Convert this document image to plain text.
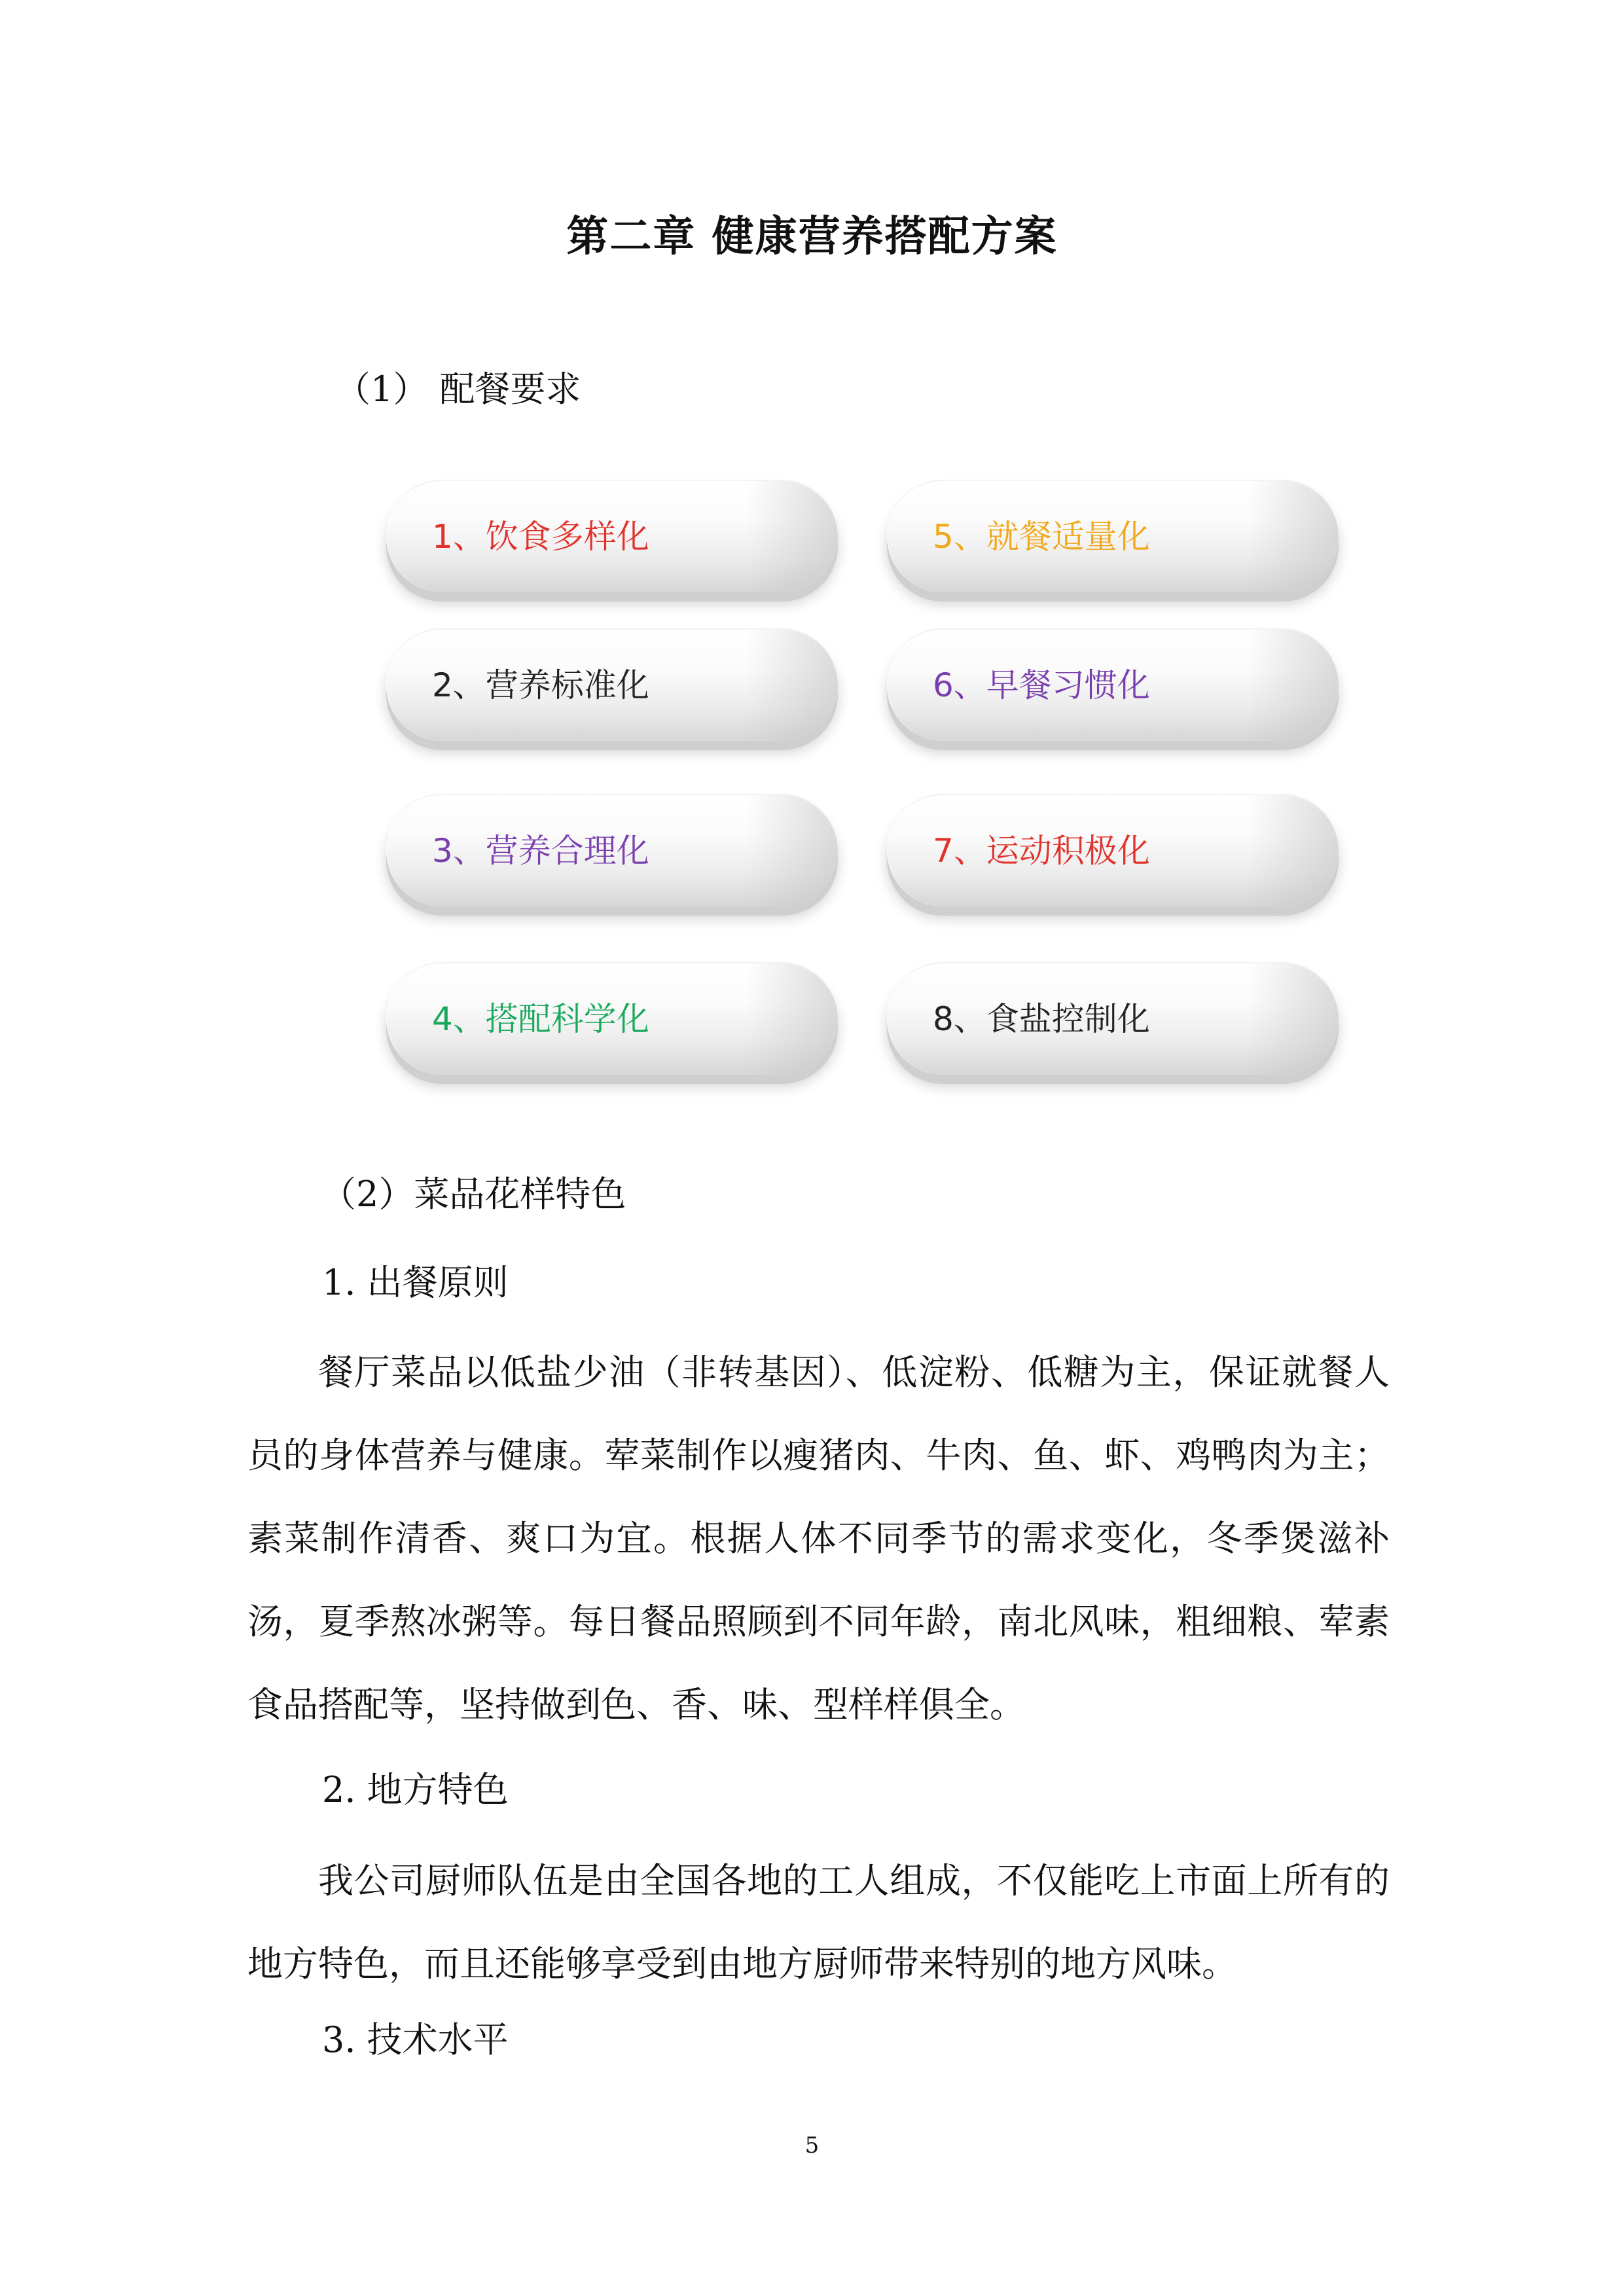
第二章 健康营养搭配方案
（1） 配餐要求
1、饮食多样化
2、营养标准化
3、营养合理化
4、搭配科学化
5、就餐适量化
6、早餐习惯化
7、运动积极化
8、食盐控制化
（2）菜品花样特色
1. 出餐原则

餐厅菜品以低盐少油（非转基因）、低淀粉、低糖为主，保证就餐人员的身体营养与健康。荤菜制作以瘦猪肉、牛肉、鱼、虾、鸡鸭肉为主；素菜制作清香、爽口为宜。根据人体不同季节的需求变化，冬季煲滋补汤，夏季熬冰粥等。每日餐品照顾到不同年龄，南北风味，粗细粮、荤素食品搭配等，坚持做到色、香、味、型样样俱全。

2. 地方特色

我公司厨师队伍是由全国各地的工人组成，不仅能吃上市面上所有的地方特色，而且还能够享受到由地方厨师带来特别的地方风味。

3. 技术水平
5
